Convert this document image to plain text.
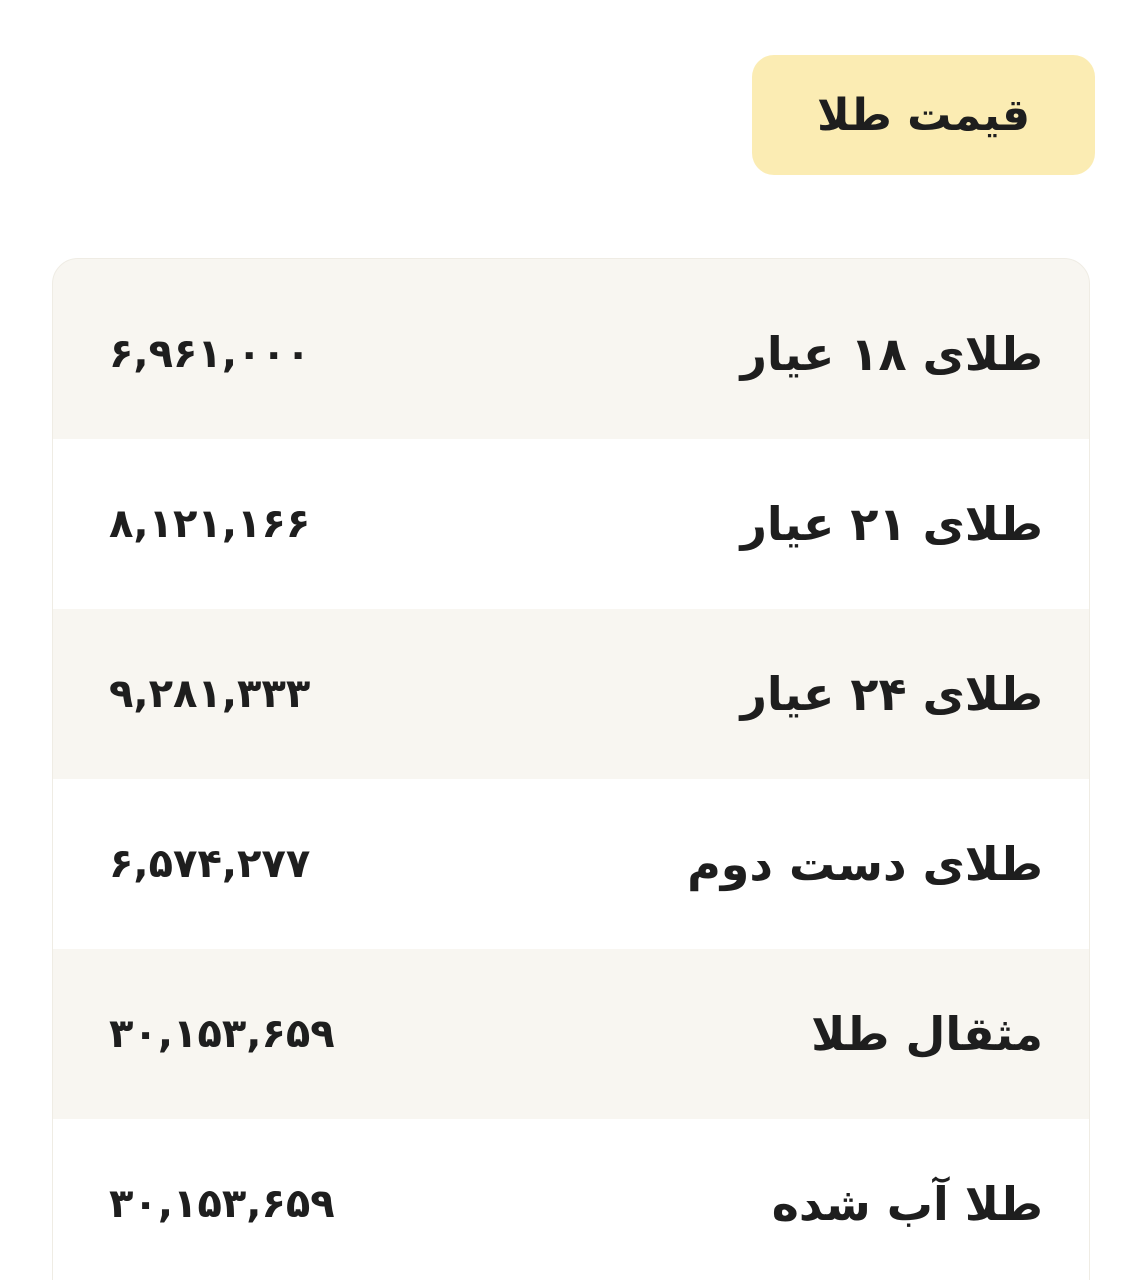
قیمت طلا
طلای ۱۸ عیار
۶,۹۶۱,۰۰۰
طلای ۲۱ عیار
۸,۱۲۱,۱۶۶
طلای ۲۴ عیار
۹,۲۸۱,۳۳۳
طلای دست دوم
۶,۵۷۴,۲۷۷
مثقال طلا
۳۰,۱۵۳,۶۵۹
طلا آب شده
۳۰,۱۵۳,۶۵۹
